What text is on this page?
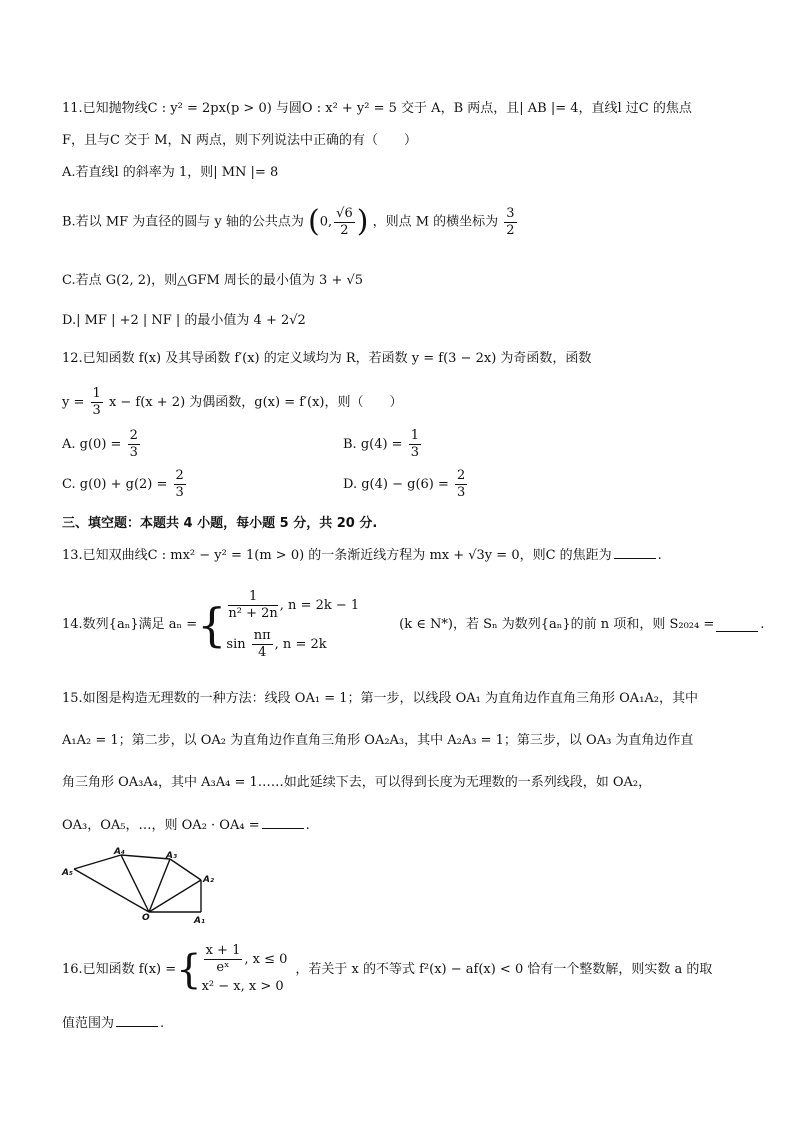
11.已知抛物线C : y² = 2px(p > 0) 与圆O : x² + y² = 5 交于 A，B 两点，且| AB |= 4，直线l 过C 的焦点
F，且与C 交于 M，N 两点，则下列说法中正确的有（　　）
A.若直线l 的斜率为 1，则| MN |= 8
B.若以 MF 为直径的圆与 y 轴的公共点为 (0, $\frac{√6}{2}$ ) ，则点 M 的横坐标为 $\frac{3}{2}$
C.若点 G(2, 2)，则△GFM 周长的最小值为 3 + √5
D.| MF | +2 | NF | 的最小值为 4 + 2√2
12.已知函数 f(x) 及其导函数 f′(x) 的定义域均为 R，若函数 y = f(3 − 2x) 为奇函数，函数
$y = \frac{1}{3}$ x − f(x + 2) 为偶函数，g(x) = f′(x)，则（　　）
A. $g(0) = \frac{2}{3}$	B. $g(4) = \frac{1}{3}$
C. $g(0) + g(2) = \frac{2}{3}$	D. $g(4) - g(6) = \frac{2}{3}$
三、填空题：本题共 4 小题，每小题 5 分，共 20 分.
13.已知双曲线C : mx² − y² = 1(m > 0) 的一条渐近线方程为 mx + √3y = 0，则C 的焦距为	.
14.数列{aₙ}满足 aₙ = { $\frac{1}{\text{n² + 2n}}$ , n = 2k − 1
$\sin \frac{n\pi}{4}$ , n = 2k
(k ∈ N*) ，若 Sₙ 为数列{aₙ}的前 n 项和，则 S₂₀₂₄ =	.
15.如图是构造无理数的一种方法：线段 OA₁ = 1；第一步，以线段 OA₁ 为直角边作直角三角形 OA₁A₂，其中
A₁A₂ = 1；第二步，以 OA₂ 为直角边作直角三角形 OA₂A₃，其中 A₂A₃ = 1；第三步，以 OA₃ 为直角边作直
角三角形 OA₃A₄，其中 A₃A₄ = 1……如此延续下去，可以得到长度为无理数的一系列线段，如 OA₂，
OA₃，OA₅，…，则 OA₂ · OA₄ =	.
A₅
A₄	A₃
A₂
A₁
O
16.已知函数 f(x) = { $\frac{x + 1}{\text{eˣ}}$ , x ≤ 0
x² − x, x > 0
，若关于 x 的不等式 f²(x) − af(x) < 0 恰有一个整数解，则实数 a 的取
值范围为	.
